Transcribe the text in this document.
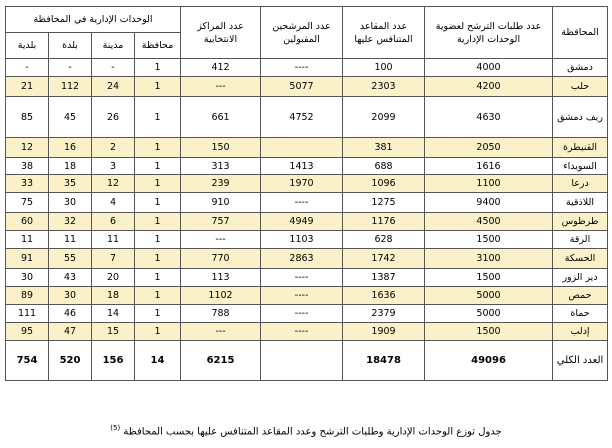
المحافظة	عدد طلبات الترشح لعضوية الوحدات الإدارية	عدد المقاعد المتنافس عليها	عدد المرشحين المقبولين	عدد المراكز الانتخابية	الوحدات الإدارية في المحافظة			
					محافظة	مدينة	بلدة	بلدية
دمشق	4000	100	----	412	1	-	-	-
حلب	4200	2303	5077	---	1	24	112	21
ريف دمشق	4630	2099	4752	661	1	26	45	85
القنيطرة	2050	381		150	1	2	16	12
السويداء	1616	688	1413	313	1	3	18	38
درعا	1100	1096	1970	239	1	12	35	33
اللاذقية	9400	1275	----	910	1	4	30	75
طرطوس	4500	1176	4949	757	1	6	32	60
الرقة	1500	628	1103	---	1	11	11	11
الحسكة	3100	1742	2863	770	1	7	55	91
دير الزور	1500	1387	----	113	1	20	43	30
حمص	5000	1636	----	1102	1	18	30	89
حماة	5000	2379	----	788	1	14	46	111
إدلب	1500	1909	----	---	1	15	47	95
العدد الكلي	49096	18478		6215	14	156	520	754
جدول توزع الوحدات الإدارية وطلبات الترشح وعدد المقاعد المتنافس عليها بحسب المحافظة $^{(5)}$
